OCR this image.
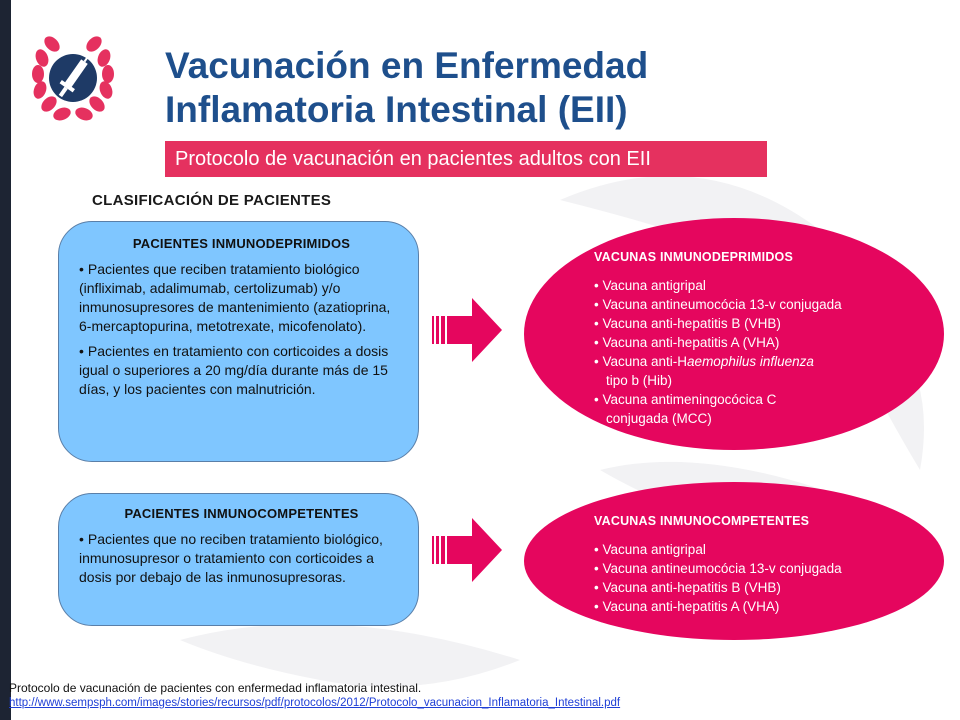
Vacunación en Enfermedad
Inflamatoria Intestinal (EII)
Protocolo de vacunación en pacientes adultos con EII
CLASIFICACIÓN DE PACIENTES
PACIENTES INMUNODEPRIMIDOS
• Pacientes que reciben tratamiento biológico (infliximab, adalimumab, certolizumab) y/o inmunosupresores de mantenimiento (azatioprina, 6-mercaptopurina, metotrexate, micofenolato).
• Pacientes en tratamiento con corticoides a dosis igual o superiores a 20 mg/día durante más de 15 días, y los pacientes con malnutrición.
PACIENTES INMUNOCOMPETENTES
• Pacientes que no reciben tratamiento biológico, inmunosupresor o tratamiento con corticoides a dosis por debajo de las inmunosupresoras.
VACUNAS INMUNODEPRIMIDOS
• Vacuna antigripal
• Vacuna antineumocócia 13-v conjugada
• Vacuna anti-hepatitis B (VHB)
• Vacuna anti-hepatitis A (VHA)
• Vacuna anti-Haemophilus influenza
tipo b (Hib)
• Vacuna antimeningocócica C
conjugada (MCC)
VACUNAS INMUNOCOMPETENTES
• Vacuna antigripal
• Vacuna antineumocócia 13-v conjugada
• Vacuna anti-hepatitis B (VHB)
• Vacuna anti-hepatitis A (VHA)
Protocolo de vacunación de pacientes con enfermedad inflamatoria intestinal.
http://www.sempsph.com/images/stories/recursos/pdf/protocolos/2012/Protocolo_vacunacion_Inflamatoria_Intestinal.pdf
